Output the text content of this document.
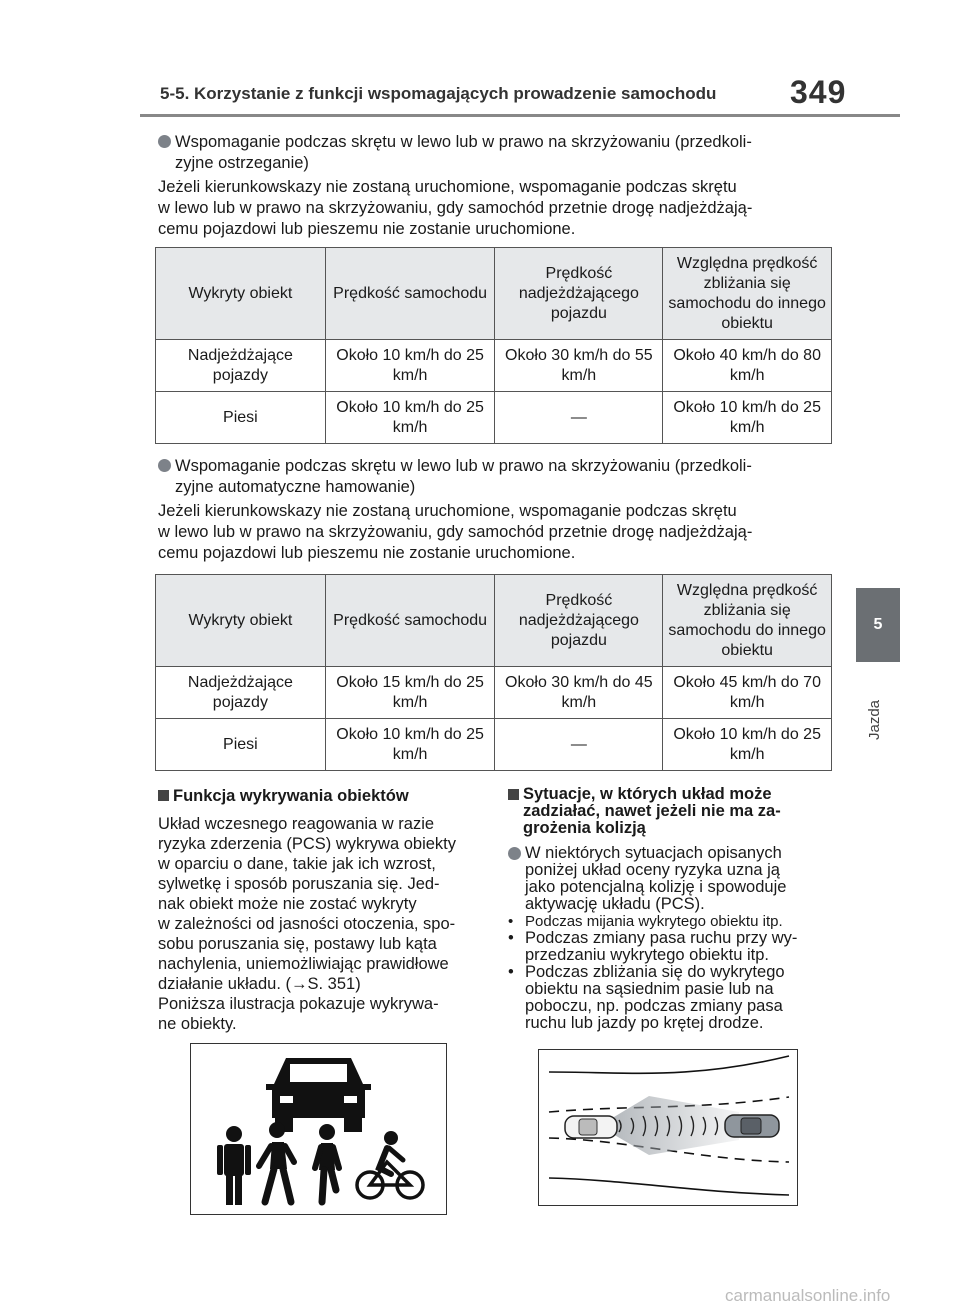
5-5. Korzystanie z funkcji wspomagających prowadzenie samochodu 349
5
Jazda
Wspomaganie podczas skrętu w lewo lub w prawo na skrzyżowaniu (przedkoli-
zyjne ostrzeganie)
Jeżeli kierunkowskazy nie zostaną uruchomione, wspomaganie podczas skrętu
w lewo lub w prawo na skrzyżowaniu, gdy samochód przetnie drogę nadjeżdżają-
cemu pojazdowi lub pieszemu nie zostanie uruchomione.
Wykryty obiekt	Prędkość samochodu	Prędkość nadjeżdżającego pojazdu	Względna prędkość zbliżania się samochodu do innego obiektu
Nadjeżdżające pojazdy	Około 10 km/h do 25 km/h	Około 30 km/h do 55 km/h	Około 40 km/h do 80 km/h
Piesi	Około 10 km/h do 25 km/h	—	Około 10 km/h do 25 km/h
Wspomaganie podczas skrętu w lewo lub w prawo na skrzyżowaniu (przedkoli-
zyjne automatyczne hamowanie)
Jeżeli kierunkowskazy nie zostaną uruchomione, wspomaganie podczas skrętu
w lewo lub w prawo na skrzyżowaniu, gdy samochód przetnie drogę nadjeżdżają-
cemu pojazdowi lub pieszemu nie zostanie uruchomione.
Wykryty obiekt	Prędkość samochodu	Prędkość nadjeżdżającego pojazdu	Względna prędkość zbliżania się samochodu do innego obiektu
Nadjeżdżające pojazdy	Około 15 km/h do 25 km/h	Około 30 km/h do 45 km/h	Około 45 km/h do 70 km/h
Piesi	Około 10 km/h do 25 km/h	—	Około 10 km/h do 25 km/h
Funkcja wykrywania obiektów
Układ wczesnego reagowania w razie
ryzyka zderzenia (PCS) wykrywa obiekty
w oparciu o dane, takie jak ich wzrost,
sylwetkę i sposób poruszania się. Jed-
nak obiekt może nie zostać wykryty
w zależności od jasności otoczenia, spo-
sobu poruszania się, postawy lub kąta
nachylenia, uniemożliwiając prawidłowe
działanie układu. (→S. 351)
Poniższa ilustracja pokazuje wykrywa-
ne obiekty.
Sytuacje, w których układ może
zadziałać, nawet jeżeli nie ma za-
grożenia kolizją
W niektórych sytuacjach opisanych
poniżej układ oceny ryzyka uzna ją
jako potencjalną kolizję i spowoduje
aktywację układu (PCS).
• Podczas mijania wykrytego obiektu itp.
• Podczas zmiany pasa ruchu przy wy-
przedzaniu wykrytego obiektu itp.
• Podczas zbliżania się do wykrytego
obiektu na sąsiednim pasie lub na
poboczu, np. podczas zmiany pasa
ruchu lub jazdy po krętej drodze.
carmanualsonline.info
